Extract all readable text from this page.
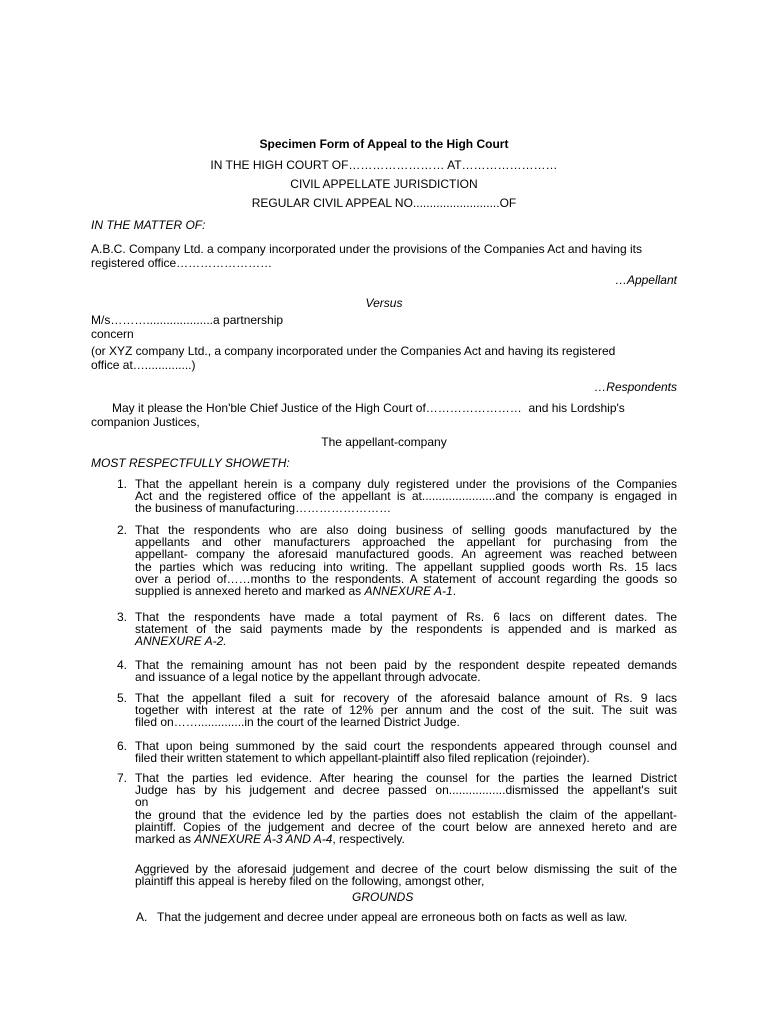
Specimen Form of Appeal to the High Court
IN THE HIGH COURT OF…………………… AT……………………
CIVIL APPELLATE JURISDICTION
REGULAR CIVIL APPEAL NO..........................OF
IN THE MATTER OF:
A.B.C. Company Ltd. a company incorporated under the provisions of the Companies Act and having its
registered office……………………
…Appellant
Versus
M/s………....................a partnership
concern
(or XYZ company Ltd., a company incorporated under the Companies Act and having its registered
office at…..............)
…Respondents
May it please the Hon'ble Chief Justice of the High Court of……………………  and his Lordship's
companion Justices,
The appellant-company
MOST RESPECTFULLY SHOWETH:
1. That the appellant herein is a company duly registered under the provisions of the Companies
Act and the registered office of the appellant is at......................and the company is engaged in
the business of manufacturing……………………
2. That the respondents who are also doing business of selling goods manufactured by the
appellants and other manufacturers approached the appellant for purchasing from the
appellant- company the aforesaid manufactured goods. An agreement was reached between
the parties which was reducing into writing. The appellant supplied goods worth Rs. 15 lacs
over a period of……months to the respondents. A statement of account regarding the goods so
supplied is annexed hereto and marked as ANNEXURE A-1.
3. That the respondents have made a total payment of Rs. 6 lacs on different dates. The
statement of the said payments made by the respondents is appended and is marked as
ANNEXURE A-2.
4. That the remaining amount has not been paid by the respondent despite repeated demands
and issuance of a legal notice by the appellant through advocate.
5. That the appellant filed a suit for recovery of the aforesaid balance amount of Rs. 9 lacs
together with interest at the rate of 12% per annum and the cost of the suit. The suit was
filed on……..............in the court of the learned District Judge.
6. That upon being summoned by the said court the respondents appeared through counsel and
filed their written statement to which appellant-plaintiff also filed replication (rejoinder).
7. That the parties led evidence. After hearing the counsel for the parties the learned District
Judge has by his judgement and decree passed on.................dismissed the appellant's suit
on
the ground that the evidence led by the parties does not establish the claim of the appellant-
plaintiff. Copies of the judgement and decree of the court below are annexed hereto and are
marked as ANNEXURE A-3 AND A-4, respectively.
Aggrieved by the aforesaid judgement and decree of the court below dismissing the suit of the
plaintiff this appeal is hereby filed on the following, amongst other,
GROUNDS
A. That the judgement and decree under appeal are erroneous both on facts as well as law.
